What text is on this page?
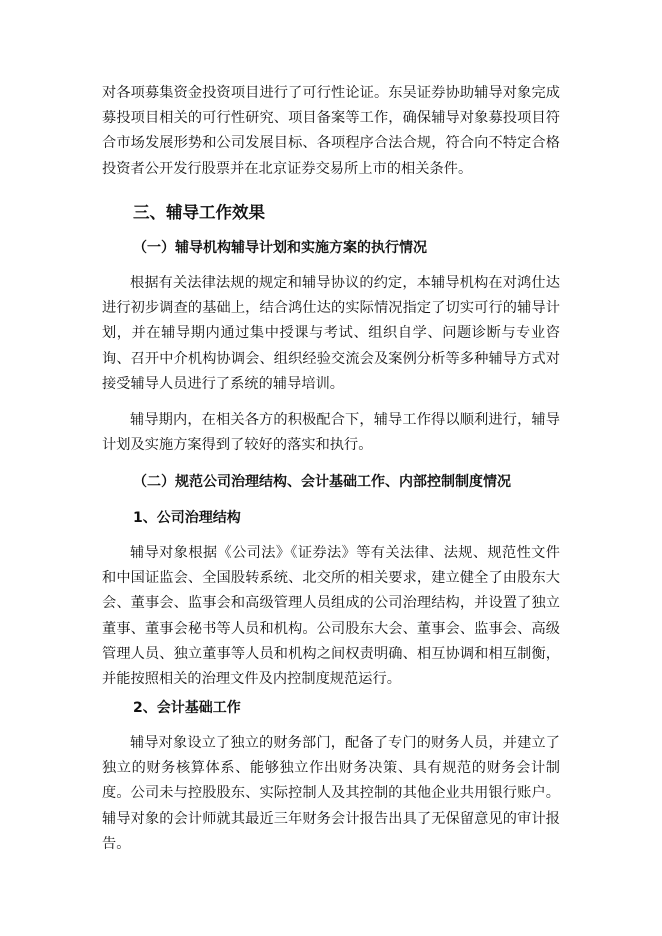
对各项募集资金投资项目进行了可行性论证。东吴证券协助辅导对象完成募投项目相关的可行性研究、项目备案等工作，确保辅导对象募投项目符合市场发展形势和公司发展目标、各项程序合法合规，符合向不特定合格投资者公开发行股票并在北京证券交易所上市的相关条件。

三、辅导工作效果
（一）辅导机构辅导计划和实施方案的执行情况

根据有关法律法规的规定和辅导协议的约定，本辅导机构在对鸿仕达进行初步调查的基础上，结合鸿仕达的实际情况指定了切实可行的辅导计划，并在辅导期内通过集中授课与考试、组织自学、问题诊断与专业咨询、召开中介机构协调会、组织经验交流会及案例分析等多种辅导方式对接受辅导人员进行了系统的辅导培训。

辅导期内，在相关各方的积极配合下，辅导工作得以顺利进行，辅导计划及实施方案得到了较好的落实和执行。

（二）规范公司治理结构、会计基础工作、内部控制制度情况
1、公司治理结构

辅导对象根据《公司法》《证券法》等有关法律、法规、规范性文件和中国证监会、全国股转系统、北交所的相关要求，建立健全了由股东大会、董事会、监事会和高级管理人员组成的公司治理结构，并设置了独立董事、董事会秘书等人员和机构。公司股东大会、董事会、监事会、高级管理人员、独立董事等人员和机构之间权责明确、相互协调和相互制衡，并能按照相关的治理文件及内控制度规范运行。

2、会计基础工作

辅导对象设立了独立的财务部门，配备了专门的财务人员，并建立了独立的财务核算体系、能够独立作出财务决策、具有规范的财务会计制度。公司未与控股股东、实际控制人及其控制的其他企业共用银行账户。辅导对象的会计师就其最近三年财务会计报告出具了无保留意见的审计报告。
